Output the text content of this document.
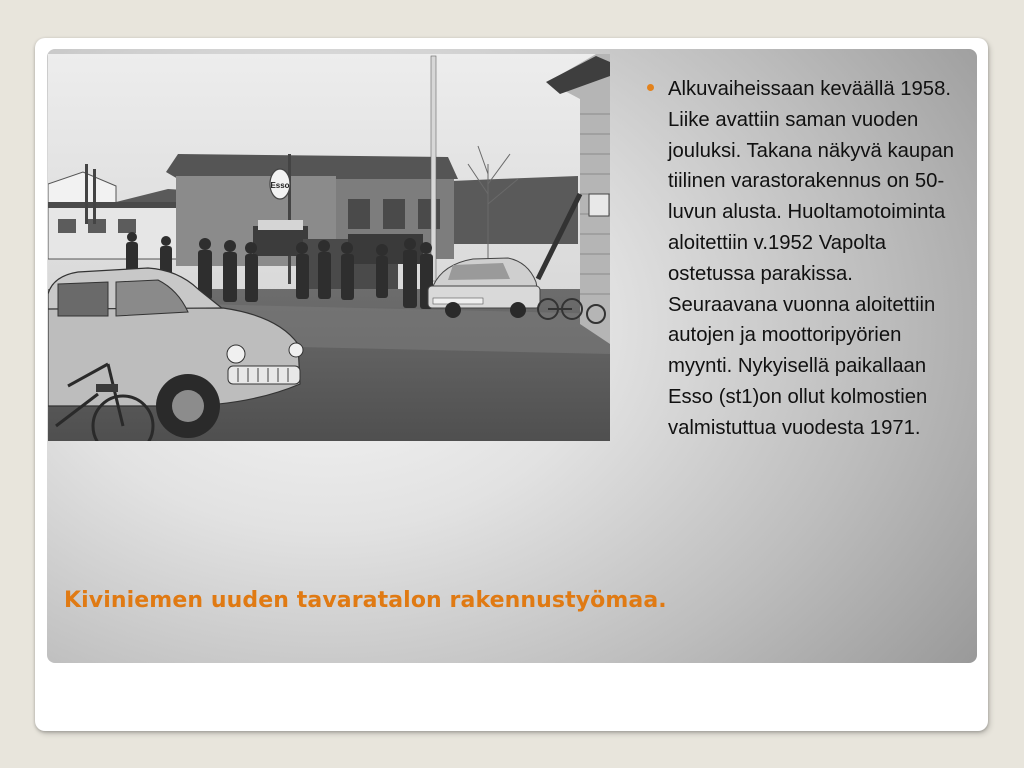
Esso
Alkuvaiheissaan keväällä 1958. Liike avattiin saman vuoden jouluksi. Takana näkyvä kaupan tiilinen varastorakennus on 50-luvun alusta. Huoltamotoiminta aloitettiin v.1952 Vapolta ostetussa parakissa. Seuraavana vuonna aloitettiin autojen ja moottoripyörien myynti. Nykyisellä paikallaan Esso (st1)on ollut kolmostien valmistuttua vuodesta 1971.
Kiviniemen uuden tavaratalon rakennustyömaa.
